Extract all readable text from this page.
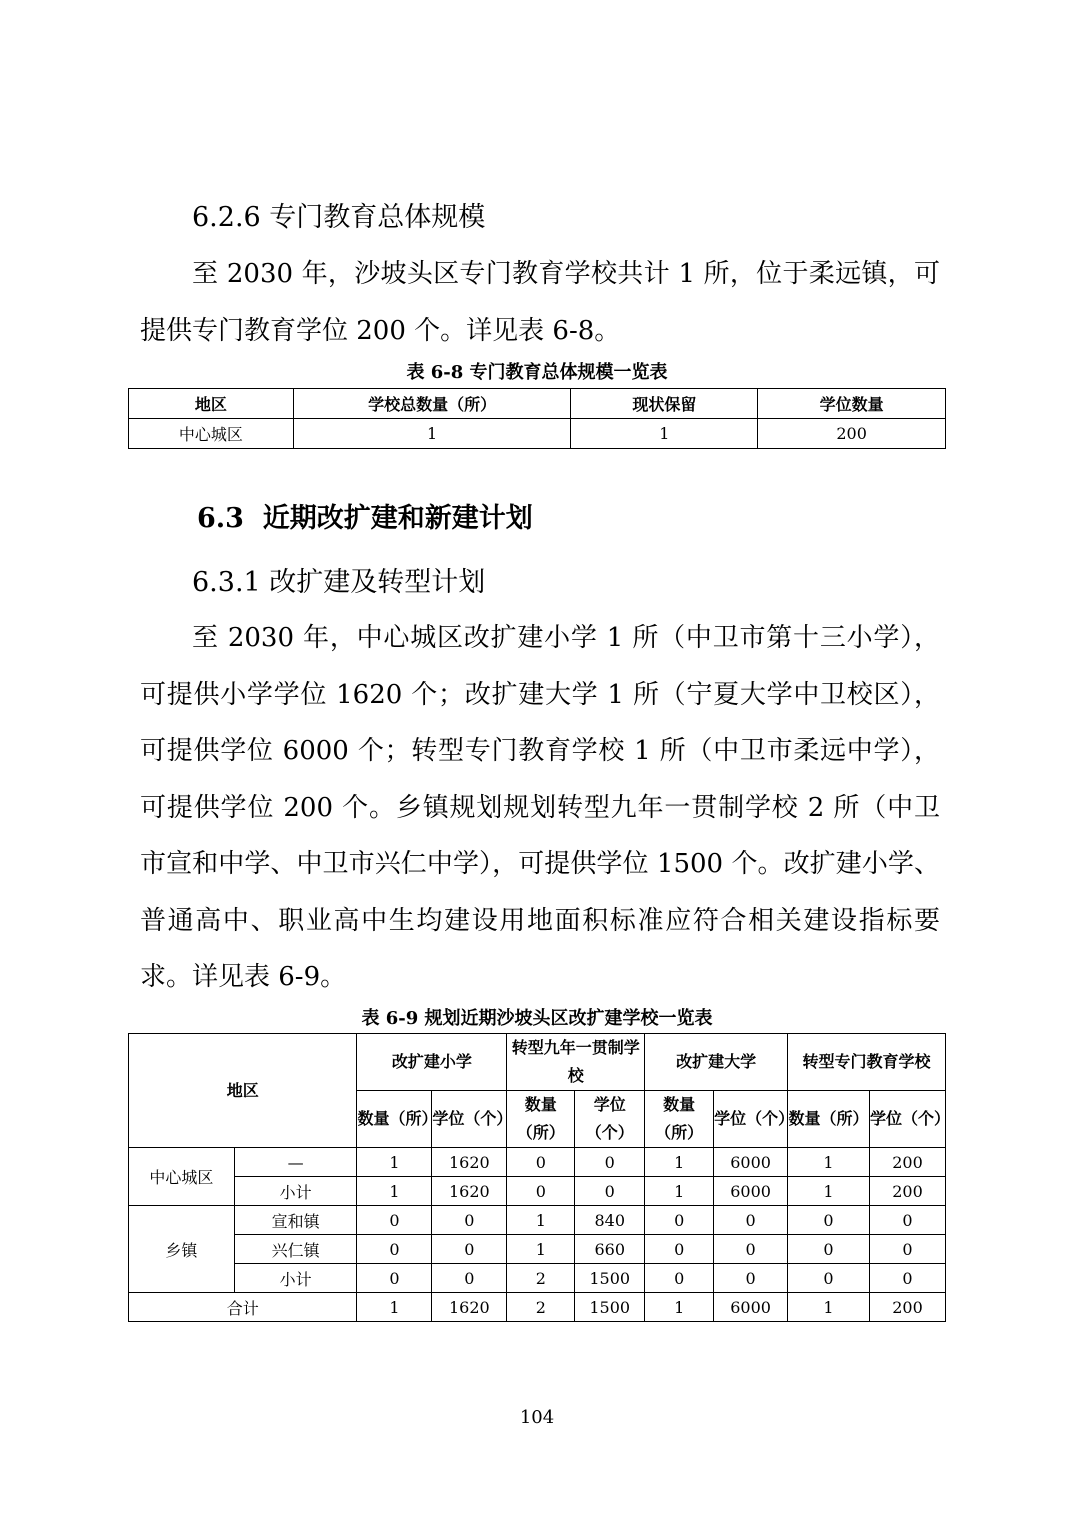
6.2.6 专门教育总体规模

至 2030 年，沙坡头区专门教育学校共计 1 所，位于柔远镇，可提供专门教育学位 200 个。详见表 6-8。

表 6-8 专门教育总体规模一览表
地区	学校总数量（所）	现状保留	学位数量
中心城区	1	1	200
6.3 近期改扩建和新建计划
6.3.1 改扩建及转型计划

至 2030 年，中心城区改扩建小学 1 所（中卫市第十三小学），可提供小学学位 1620 个；改扩建大学 1 所（宁夏大学中卫校区），可提供学位 6000 个；转型专门教育学校 1 所（中卫市柔远中学），可提供学位 200 个。乡镇规划规划转型九年一贯制学校 2 所（中卫市宣和中学、中卫市兴仁中学），可提供学位 1500 个。改扩建小学、普通高中、职业高中生均建设用地面积标准应符合相关建设指标要求。详见表 6-9。

表 6-9 规划近期沙坡头区改扩建学校一览表
地区		改扩建小学		转型九年一贯制学校		改扩建大学		转型专门教育学校	
		数量（所）	学位（个）	数量（所）	学位（个）	数量（所）	学位（个）	数量（所）	学位（个）
中心城区	—	1	1620	0	0	1	6000	1	200
	小计	1	1620	0	0	1	6000	1	200
乡镇	宣和镇	0	0	1	840	0	0	0	0
	兴仁镇	0	0	1	660	0	0	0	0
	小计	0	0	2	1500	0	0	0	0
合计		1	1620	2	1500	1	6000	1	200
104
